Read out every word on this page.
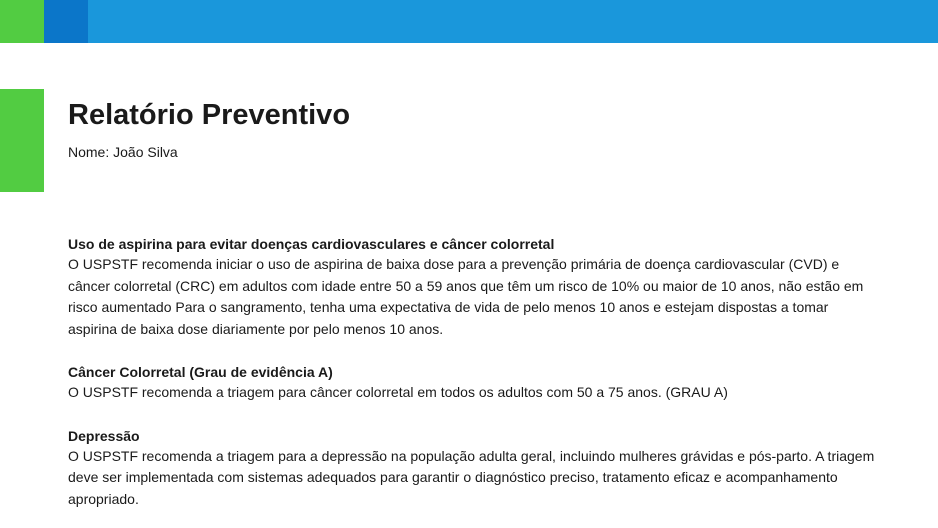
Relatório Preventivo
Nome: João Silva

Uso de aspirina para evitar doenças cardiovasculares e câncer colorretal

O USPSTF recomenda iniciar o uso de aspirina de baixa dose para a prevenção primária de doença cardiovascular (CVD) e câncer colorretal (CRC) em adultos com idade entre 50 a 59 anos que têm um risco de 10% ou maior de 10 anos, não estão em risco aumentado Para o sangramento, tenha uma expectativa de vida de pelo menos 10 anos e estejam dispostas a tomar aspirina de baixa dose diariamente por pelo menos 10 anos.

Câncer Colorretal (Grau de evidência A)

O USPSTF recomenda a triagem para câncer colorretal em todos os adultos com 50 a 75 anos. (GRAU A)

Depressão

O USPSTF recomenda a triagem para a depressão na população adulta geral, incluindo mulheres grávidas e pós-parto. A triagem deve ser implementada com sistemas adequados para garantir o diagnóstico preciso, tratamento eficaz e acompanhamento apropriado.
